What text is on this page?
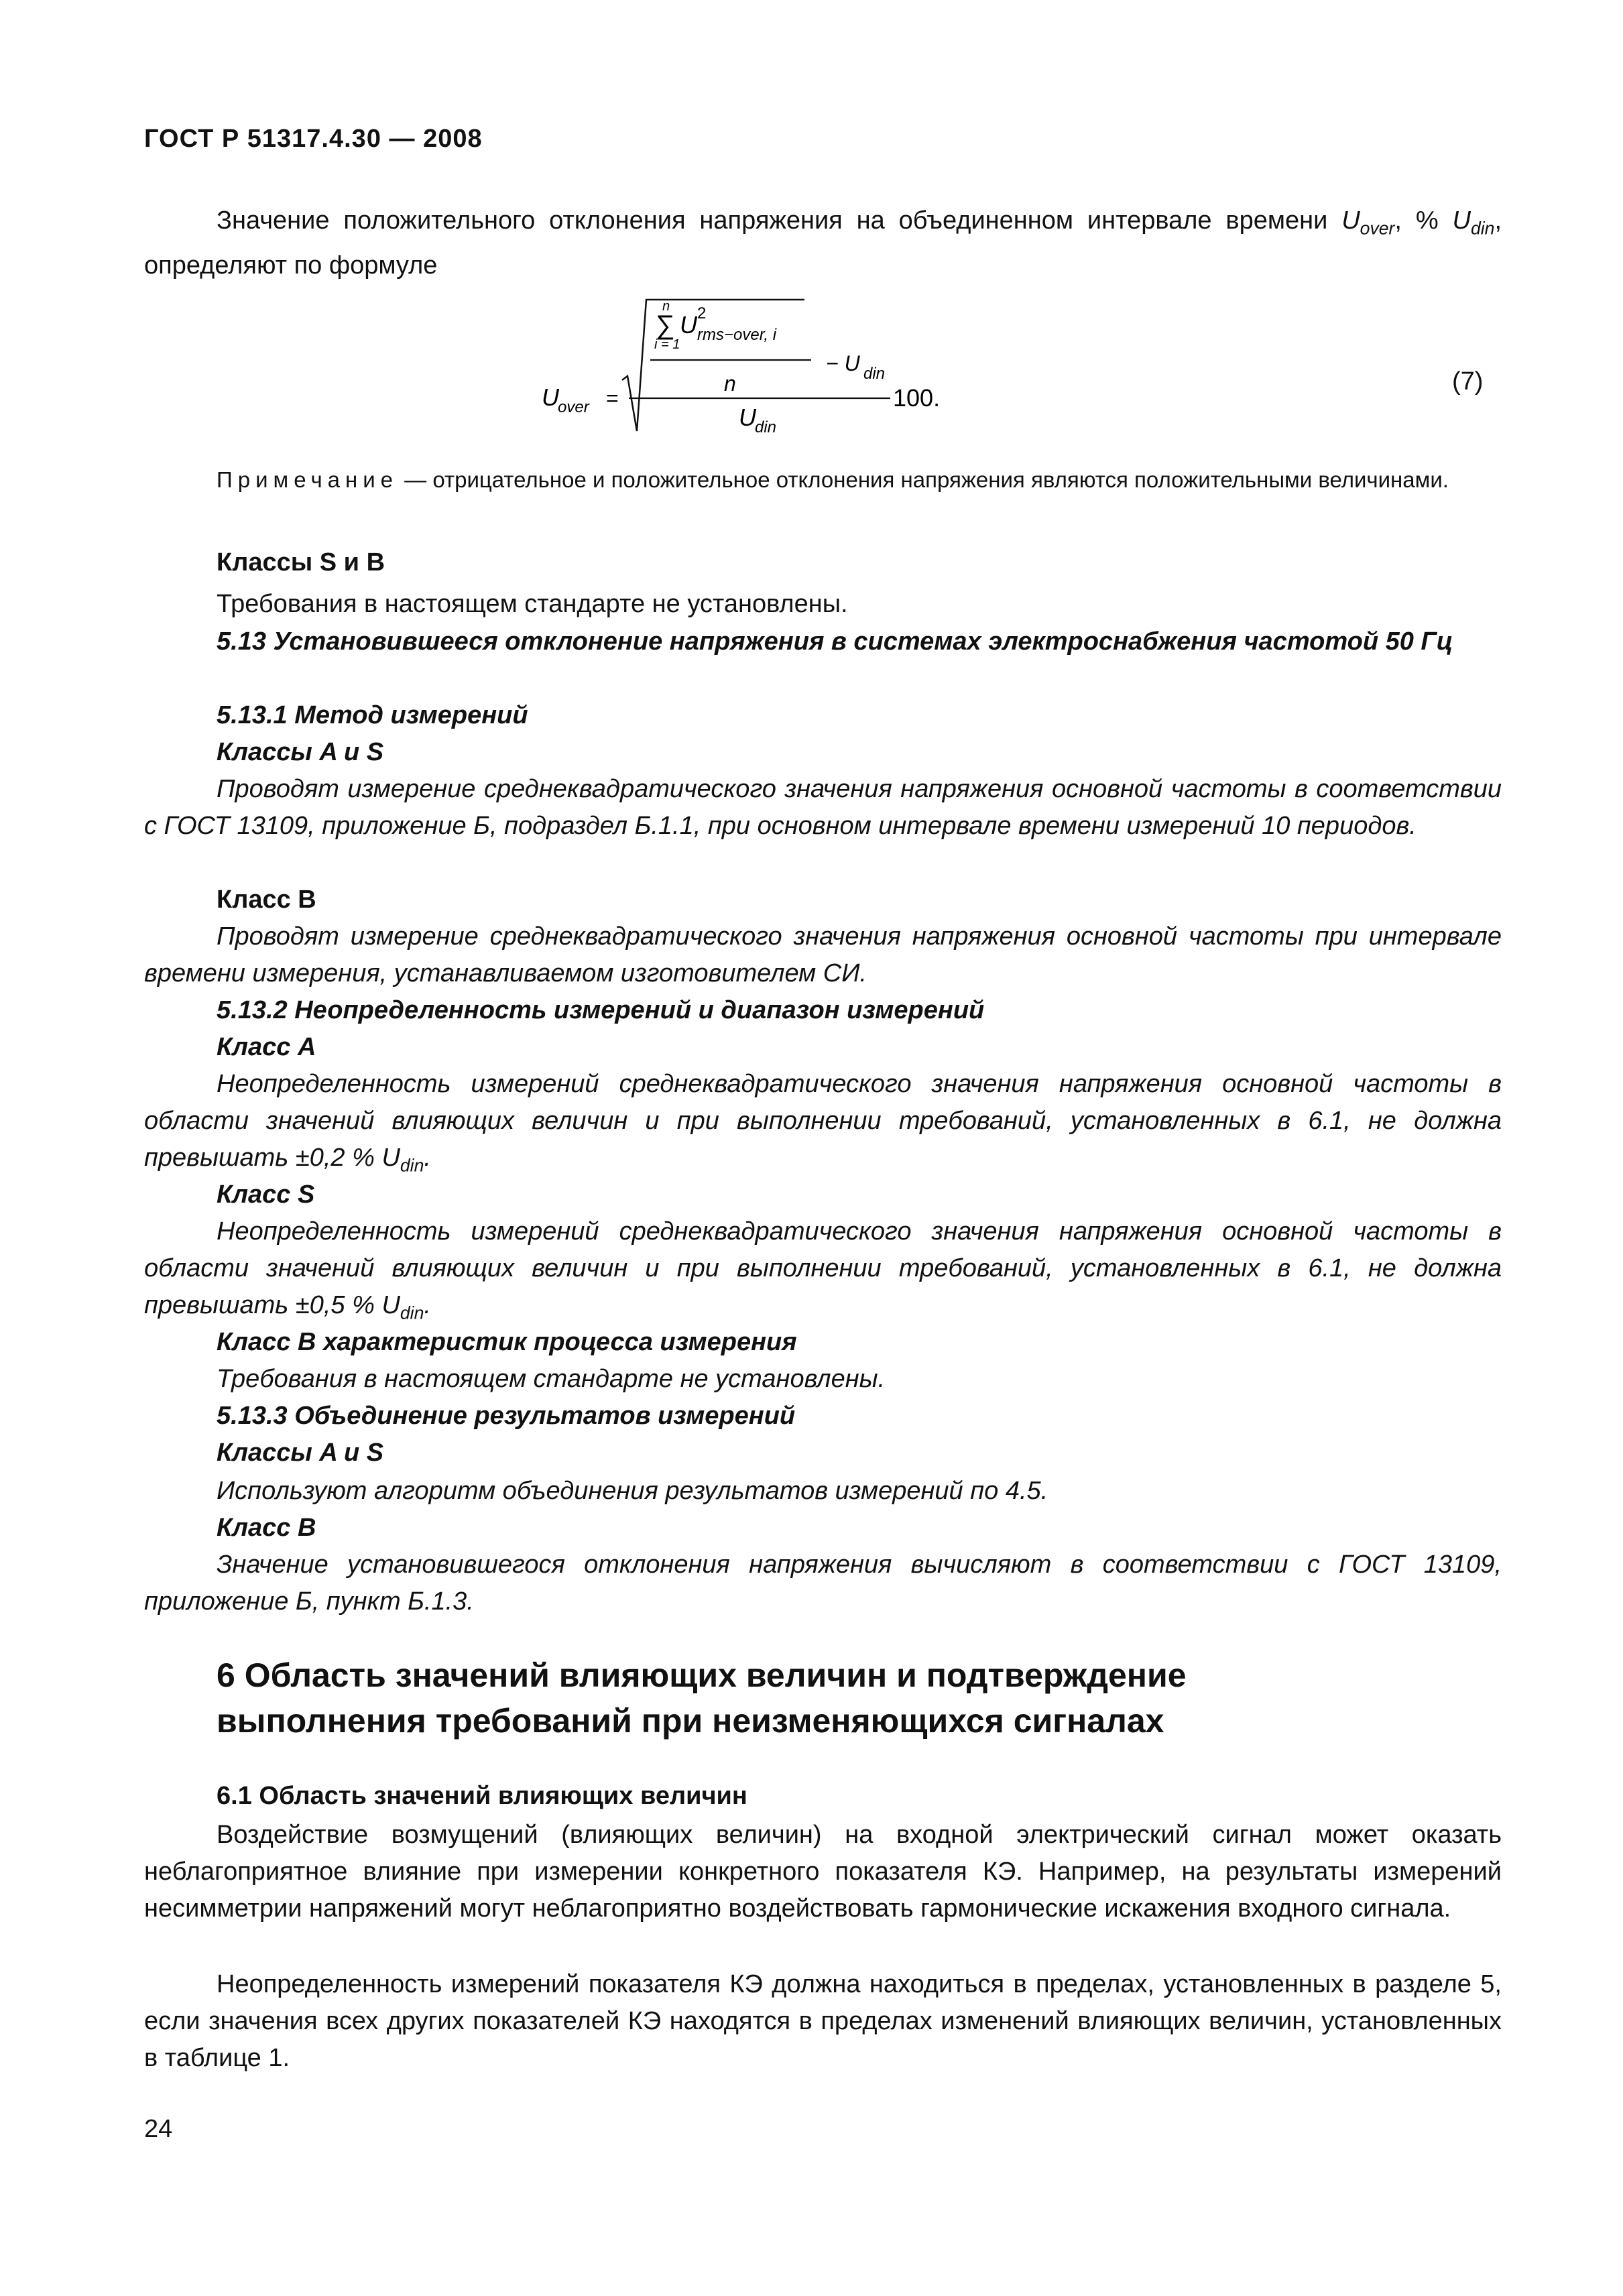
ГОСТ Р 51317.4.30 — 2008

Значение положительного отклонения напряжения на объединенном интервале времени $U_{over}$, % $U_{din}$, определяют по формуле

U
over =
n
∑
i = 1
U 2
rms−over, i
n
− U din
U
din
100.
(7)

Примечание — отрицательное и положительное отклонения напряжения являются положительными величинами.

Классы S и B
Требования в настоящем стандарте не установлены.

5.13 Установившееся отклонение напряжения в системах электроснабжения частотой 50 Гц

5.13.1 Метод измерений
Классы A и S

Проводят измерение среднеквадратического значения напряжения основной частоты в соответствии с ГОСТ 13109, приложение Б, подраздел Б.1.1, при основном интервале времени измерений 10 периодов.

Класс B

Проводят измерение среднеквадратического значения напряжения основной частоты при интервале времени измерения, устанавливаемом изготовителем СИ.

5.13.2 Неопределенность измерений и диапазон измерений
Класс A

Неопределенность измерений среднеквадратического значения напряжения основной частоты в области значений влияющих величин и при выполнении требований, установленных в 6.1, не должна превышать ±0,2 % $U_{din}$.

Класс S

Неопределенность измерений среднеквадратического значения напряжения основной частоты в области значений влияющих величин и при выполнении требований, установленных в 6.1, не должна превышать ±0,5 % $U_{din}$.

Класс B характеристик процесса измерения
Требования в настоящем стандарте не установлены.
5.13.3 Объединение результатов измерений
Классы A и S
Используют алгоритм объединения результатов измерений по 4.5.
Класс B

Значение установившегося отклонения напряжения вычисляют в соответствии с ГОСТ 13109, приложение Б, пункт Б.1.3.

6 Область значений влияющих величин и подтверждение выполнения требований при неизменяющихся сигналах

6.1 Область значений влияющих величин

Воздействие возмущений (влияющих величин) на входной электрический сигнал может оказать неблагоприятное влияние при измерении конкретного показателя КЭ. Например, на результаты измерений несимметрии напряжений могут неблагоприятно воздействовать гармонические искажения входного сигнала.

Неопределенность измерений показателя КЭ должна находиться в пределах, установленных в разделе 5, если значения всех других показателей КЭ находятся в пределах изменений влияющих величин, установленных в таблице 1.

24
